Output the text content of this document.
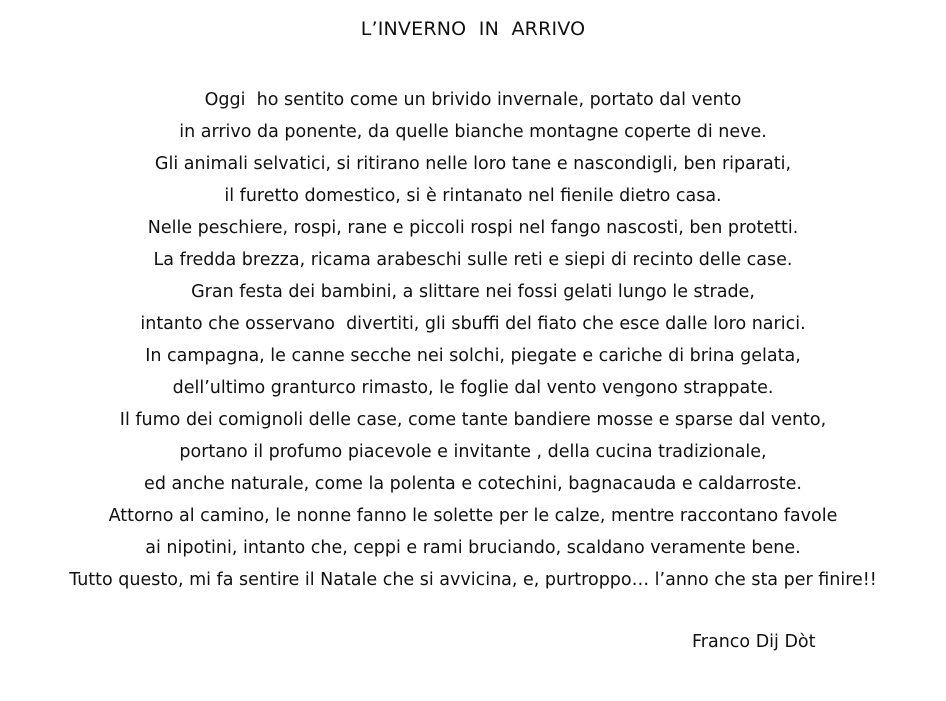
L’INVERNO  IN  ARRIVO
Oggi  ho sentito come un brivido invernale, portato dal vento
in arrivo da ponente, da quelle bianche montagne coperte di neve.
Gli animali selvatici, si ritirano nelle loro tane e nascondigli, ben riparati,
il furetto domestico, si è rintanato nel fienile dietro casa.
Nelle peschiere, rospi, rane e piccoli rospi nel fango nascosti, ben protetti.
La fredda brezza, ricama arabeschi sulle reti e siepi di recinto delle case.
Gran festa dei bambini, a slittare nei fossi gelati lungo le strade,
intanto che osservano  divertiti, gli sbuffi del fiato che esce dalle loro narici.
In campagna, le canne secche nei solchi, piegate e cariche di brina gelata,
dell’ultimo granturco rimasto, le foglie dal vento vengono strappate.
Il fumo dei comignoli delle case, come tante bandiere mosse e sparse dal vento,
portano il profumo piacevole e invitante , della cucina tradizionale,
ed anche naturale, come la polenta e cotechini, bagnacauda e caldarroste.
Attorno al camino, le nonne fanno le solette per le calze, mentre raccontano favole
ai nipotini, intanto che, ceppi e rami bruciando, scaldano veramente bene.
Tutto questo, mi fa sentire il Natale che si avvicina, e, purtroppo… l’anno che sta per finire!!
Franco Dij Dòt
